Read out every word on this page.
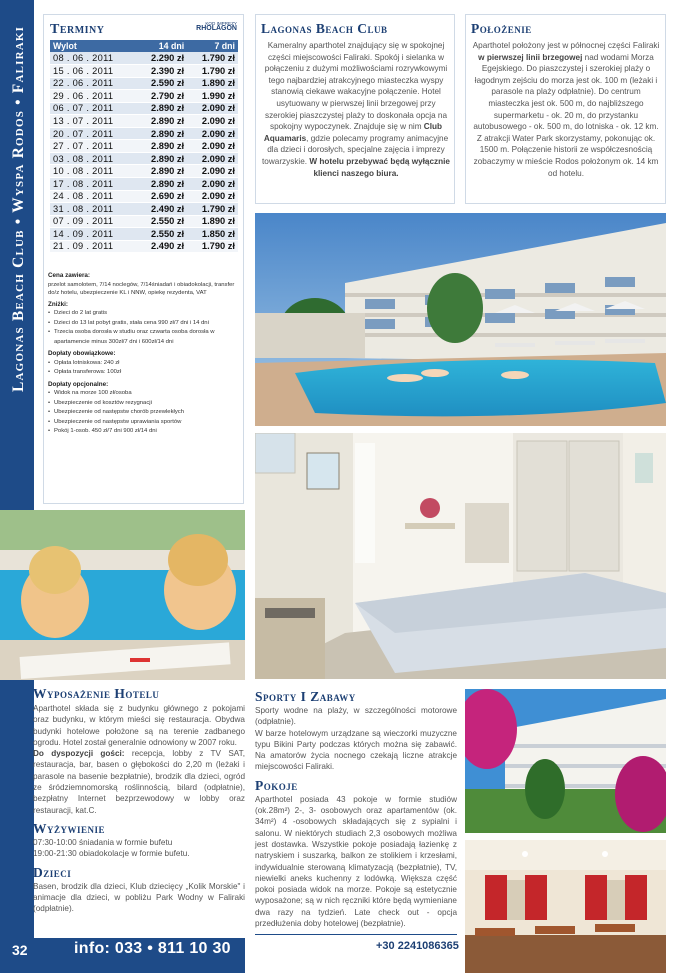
Lagonas Beach Club • Wyspa Rodos • Faliraki Terminy	KOD IMPREZY
RHOLAGON
Wylot	14 dni	7 dni
08 . 06 . 2011	2.290 zł	1.790 zł
15 . 06 . 2011	2.390 zł	1.790 zł
22 . 06 . 2011	2.590 zł	1.890 zł
29 . 06 . 2011	2.790 zł	1.990 zł
06 . 07 . 2011	2.890 zł	2.090 zł
13 . 07 . 2011	2.890 zł	2.090 zł
20 . 07 . 2011	2.890 zł	2.090 zł
27 . 07 . 2011	2.890 zł	2.090 zł
03 . 08 . 2011	2.890 zł	2.090 zł
10 . 08 . 2011	2.890 zł	2.090 zł
17 . 08 . 2011	2.890 zł	2.090 zł
24 . 08 . 2011	2.690 zł	2.090 zł
31 . 08 . 2011	2.490 zł	1.790 zł
07 . 09 . 2011	2.550 zł	1.890 zł
14 . 09 . 2011	2.550 zł	1.850 zł
21 . 09 . 2011	2.490 zł	1.790 zł
Cena zawiera:
przelot samolotem, 7/14 noclegów, 7/14śniadań i obiadokolacji, transfer do/z hotelu, ubezpieczenie KL i NNW, opiekę rezydenta, VAT
Zniżki:
• Dzieci do 2 lat gratis
• Dzieci do 13 lat pobyt gratis, stała cena 990 zł/7 dni i 14 dni
• Trzecia osoba dorosła w studiu oraz czwarta osoba dorosła w apartamencie minus 300zł/7 dni i 600zł/14 dni
Dopłaty obowiązkowe:
• Opłata lotniskowa: 240 zł
• Opłata transferowa: 100zł
Dopłaty opcjonalne:
• Widok na morze 100 zł/osoba
• Ubezpieczenie od kosztów rezygnacji
• Ubezpieczenie od następstw chorób przewlekłych
• Ubezpieczenie od następstw uprawiania sportów
• Pokój 1-osob. 450 zł/7 dni 900 zł/14 dni
Lagonas Beach Club

Kameralny aparthotel znajdujący się w spokojnej części miejscowości Faliraki. Spokój i sielanka w połączeniu z dużymi możliwościami rozrywkowymi tego najbardziej atrakcyjnego miasteczka wyspy stanowią ciekawe wakacyjne połączenie. Hotel usytuowany w pierwszej linii brzegowej przy szerokiej piaszczystej plaży to doskonała opcja na spokojny wypoczynek. Znajduje się w nim Club Aquamaris, gdzie polecamy programy animacyjne dla dzieci i dorosłych, specjalne zajęcia i imprezy towarzyskie. W hotelu przebywać będą wyłącznie klienci naszego biura.

Położenie

Aparthotel położony jest w północnej części Faliraki w pierwszej linii brzegowej nad wodami Morza Egejskiego. Do piaszczystej i szerokiej plaży o łagodnym zejściu do morza jest ok. 100 m (leżaki i parasole na plaży odpłatnie). Do centrum miasteczka jest ok. 500 m, do najbliższego supermarketu - ok. 20 m, do przystanku autobusowego - ok. 500 m, do lotniska - ok. 12 km. Z atrakcji Water Park skorzystamy, pokonując ok. 1500 m. Połączenie historii ze współczesnością zobaczymy w mieście Rodos położonym ok. 14 km od hotelu.

Wyposażenie Hotelu

Aparthotel składa się z budynku głównego z pokojami oraz budynku, w którym mieści się restauracja. Obydwa budynki hotelowe położone są na terenie zadbanego ogrodu. Hotel został generalnie odnowiony w 2007 roku.

Do dyspozycji gości: recepcja, lobby z TV SAT, restauracja, bar, basen o głębokości do 2,20 m (leżaki i parasole na basenie bezpłatnie), brodzik dla dzieci, ogród ze śródziemnomorską roślinnością, bilard (odpłatnie), bezpłatny Internet bezprzewodowy w lobby oraz restauracji, kat.C.

Wyżywienie

07:30-10:00 śniadania w formie bufetu

19:00-21:30 obiadokolacje w formie bufetu.

Dzieci

Basen, brodzik dla dzieci, Klub dziecięcy „Kolik Morskie" i animacje dla dzieci, w pobliżu Park Wodny w Faliraki (odpłatnie).

Sporty I Zabawy

Sporty wodne na plaży, w szczególności motorowe (odpłatnie).

W barze hotelowym urządzane są wieczorki muzyczne typu Bikini Party podczas których można się zabawić. Na amatorów życia nocnego czekają liczne atrakcje miejscowości Faliraki.

Pokoje

Aparthotel posiada 43 pokoje w formie studiów (ok.28m²) 2-, 3- osobowych oraz apartamentów (ok. 34m²) 4 -osobowych składających się z sypialni i salonu. W niektórych studiach 2,3 osobowych możliwa jest dostawka. Wszystkie pokoje posiadają łazienkę z natryskiem i suszarką, balkon ze stolikiem i krzesłami, indywidualnie sterowaną klimatyzacją (bezpłatnie), TV, niewielki aneks kuchenny z lodówką. Większa część pokoi posiada widok na morze. Pokoje są estetycznie wyposażone; są w nich ręczniki które będą wymieniane dwa razy na tydzień. Late check out - opcja przedłużenia doby hotelowej (bezpłatnie).

32	info: 033 • 811 10 30	+30 2241086365
